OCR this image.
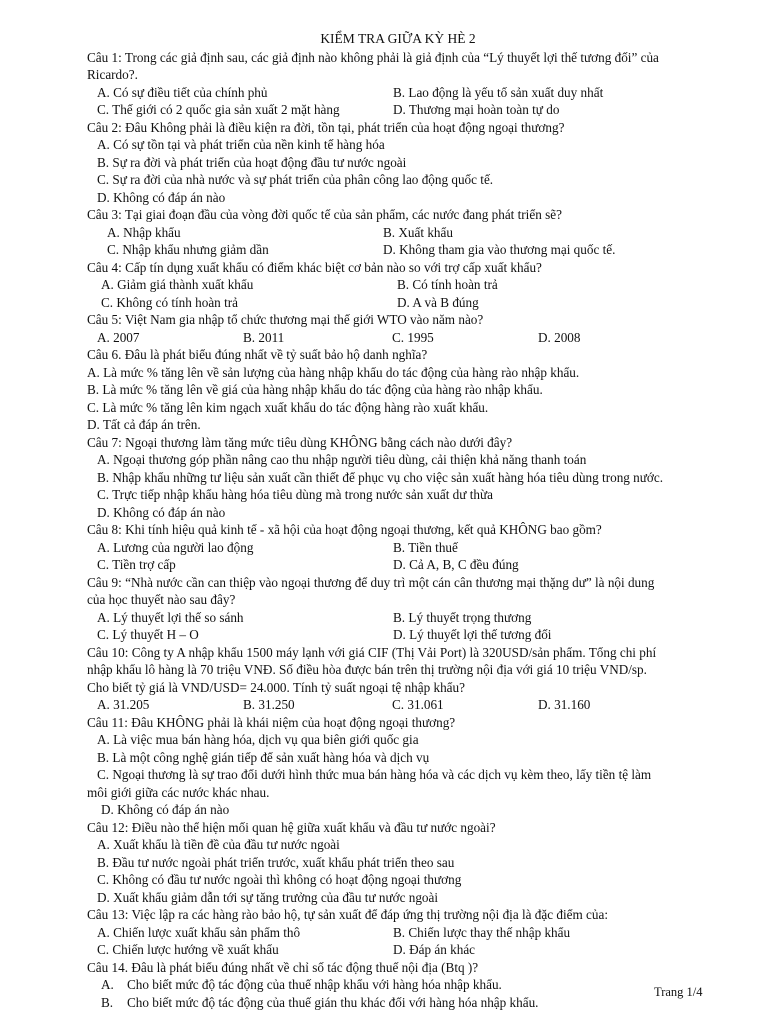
KIỂM TRA GIỮA KỲ HÈ 2
Câu 1: Trong các giả định sau, các giả định nào không phải là giả định của “Lý thuyết lợi thế tương đối” của
Ricardo?.
A. Có sự điều tiết của chính phủ	B. Lao động là yếu tố sản xuất duy nhất
C. Thế giới có 2 quốc gia sản xuất 2 mặt hàng	D. Thương mại hoàn toàn tự do
Câu 2: Đâu Không phải là điều kiện ra đời, tồn tại, phát triển của hoạt động ngoại thương?
A. Có sự tồn tại và phát triển của nền kinh tế hàng hóa
B. Sự ra đời và phát triển của hoạt động đầu tư nước ngoài
C. Sự ra đời của nhà nước và sự phát triển của phân công lao động quốc tế.
D. Không có đáp án nào
Câu 3: Tại giai đoạn đầu của vòng đời quốc tế của sản phẩm, các nước đang phát triển sẽ?
A. Nhập khẩu	B. Xuất khẩu
C. Nhập khẩu nhưng giảm dần	D. Không tham gia vào thương mại quốc tế.
Câu 4: Cấp tín dụng xuất khẩu có điểm khác biệt cơ bản nào so với trợ cấp xuất khẩu?
A. Giảm giá thành xuất khẩu	B. Có tính hoàn trả
C. Không có tính hoàn trả	D. A và B đúng
Câu 5: Việt Nam gia nhập tổ chức thương mại thế giới WTO vào năm nào?
A. 2007	B. 2011	C. 1995	D. 2008
Câu 6. Đâu là phát biểu đúng nhất về tỷ suất bảo hộ danh nghĩa?
A. Là mức % tăng lên về sản lượng của hàng nhập khẩu do tác động của hàng rào nhập khẩu.
B. Là mức % tăng lên về giá của hàng nhập khẩu do tác động của hàng rào nhập khẩu.
C. Là mức % tăng lên kim ngạch xuất khẩu do tác động hàng rào xuất khẩu.
D. Tất cả đáp án trên.
Câu 7: Ngoại thương làm tăng mức tiêu dùng KHÔNG bằng cách nào dưới đây?
A. Ngoại thương góp phần nâng cao thu nhập người tiêu dùng, cải thiện khả năng thanh toán
B. Nhập khẩu những tư liệu sản xuất cần thiết để phục vụ cho việc sản xuất hàng hóa tiêu dùng trong nước.
C. Trực tiếp nhập khẩu hàng hóa tiêu dùng mà trong nước sản xuất dư thừa
D. Không có đáp án nào
Câu 8: Khi tính hiệu quả kinh tế - xã hội của hoạt động ngoại thương, kết quả KHÔNG bao gồm?
A. Lương của người lao động	B. Tiền thuế
C. Tiền trợ cấp	D. Cả A, B, C đều đúng
Câu 9: “Nhà nước cần can thiệp vào ngoại thương để duy trì một cán cân thương mại thặng dư” là nội dung
của học thuyết nào sau đây?
A. Lý thuyết lợi thế so sánh	B. Lý thuyết trọng thương
C. Lý thuyết H – O	D. Lý thuyết lợi thế tương đối
Câu 10: Công ty A nhập khẩu 1500 máy lạnh với giá CIF (Thị Vải Port) là 320USD/sản phẩm. Tổng chi phí
nhập khẩu lô hàng là 70 triệu VNĐ. Số điều hòa được bán trên thị trường nội địa với giá 10 triệu VND/sp.
Cho biết tỷ giá là VND/USD= 24.000. Tính tỷ suất ngoại tệ nhập khẩu?
A. 31.205	B. 31.250	C. 31.061	D. 31.160
Câu 11: Đâu KHÔNG phải là khái niệm của hoạt động ngoại thương?
A. Là việc mua bán hàng hóa, dịch vụ qua biên giới quốc gia
B. Là một công nghệ gián tiếp để sản xuất hàng hóa và dịch vụ
C. Ngoại thương là sự trao đổi dưới hình thức mua bán hàng hóa và các dịch vụ kèm theo, lấy tiền tệ làm
môi giới giữa các nước khác nhau.
D. Không có đáp án nào
Câu 12: Điều nào thể hiện mối quan hệ giữa xuất khẩu và đầu tư nước ngoài?
A. Xuất khẩu là tiền đề của đầu tư nước ngoài
B. Đầu tư nước ngoài phát triển trước, xuất khẩu phát triển theo sau
C. Không có đầu tư nước ngoài thì không có hoạt động ngoại thương
D. Xuất khẩu giảm dẫn tới sự tăng trưởng của đầu tư nước ngoài
Câu 13: Việc lập ra các hàng rào bảo hộ, tự sản xuất để đáp ứng thị trường nội địa là đặc điểm của:
A. Chiến lược xuất khẩu sản phẩm thô	B. Chiến lược thay thế nhập khẩu
C. Chiến lược hướng về xuất khẩu	D. Đáp án khác
Câu 14. Đâu là phát biểu đúng nhất về chỉ số tác động thuế nội địa (Btq )?
A. Cho biết mức độ tác động của thuế nhập khẩu với hàng hóa nhập khẩu.
B. Cho biết mức độ tác động của thuế gián thu khác đối với hàng hóa nhập khẩu.
Trang 1/4
